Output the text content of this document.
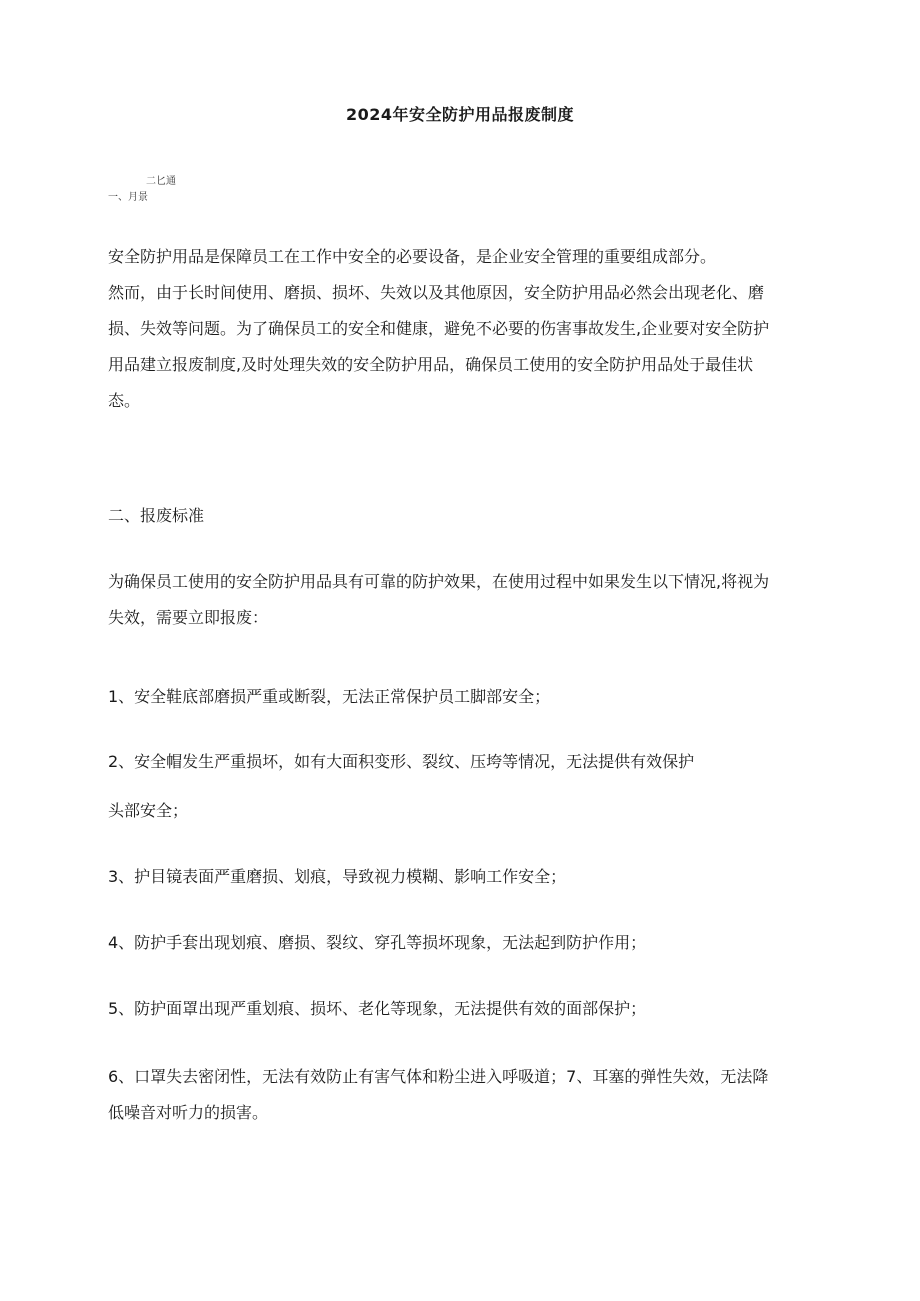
2024年安全防护用品报废制度
二匕通
一、月景
安全防护用品是保障员工在工作中安全的必要设备，是企业安全管理的重要组成部分。
然而，由于长时间使用、磨损、损坏、失效以及其他原因，安全防护用品必然会出现老化、磨
损、失效等问题。为了确保员工的安全和健康，避免不必要的伤害事故发生,企业要对安全防护
用品建立报废制度,及时处理失效的安全防护用品，确保员工使用的安全防护用品处于最佳状
态。
二、报废标准
为确保员工使用的安全防护用品具有可靠的防护效果，在使用过程中如果发生以下情况,将视为
失效，需要立即报废：
1、安全鞋底部磨损严重或断裂，无法正常保护员工脚部安全；
2、安全帽发生严重损坏，如有大面积变形、裂纹、压垮等情况，无法提供有效保护
头部安全；
3、护目镜表面严重磨损、划痕，导致视力模糊、影响工作安全；
4、防护手套出现划痕、磨损、裂纹、穿孔等损坏现象，无法起到防护作用；
5、防护面罩出现严重划痕、损坏、老化等现象，无法提供有效的面部保护；
6、口罩失去密闭性，无法有效防止有害气体和粉尘进入呼吸道；7、耳塞的弹性失效，无法降
低噪音对听力的损害。
